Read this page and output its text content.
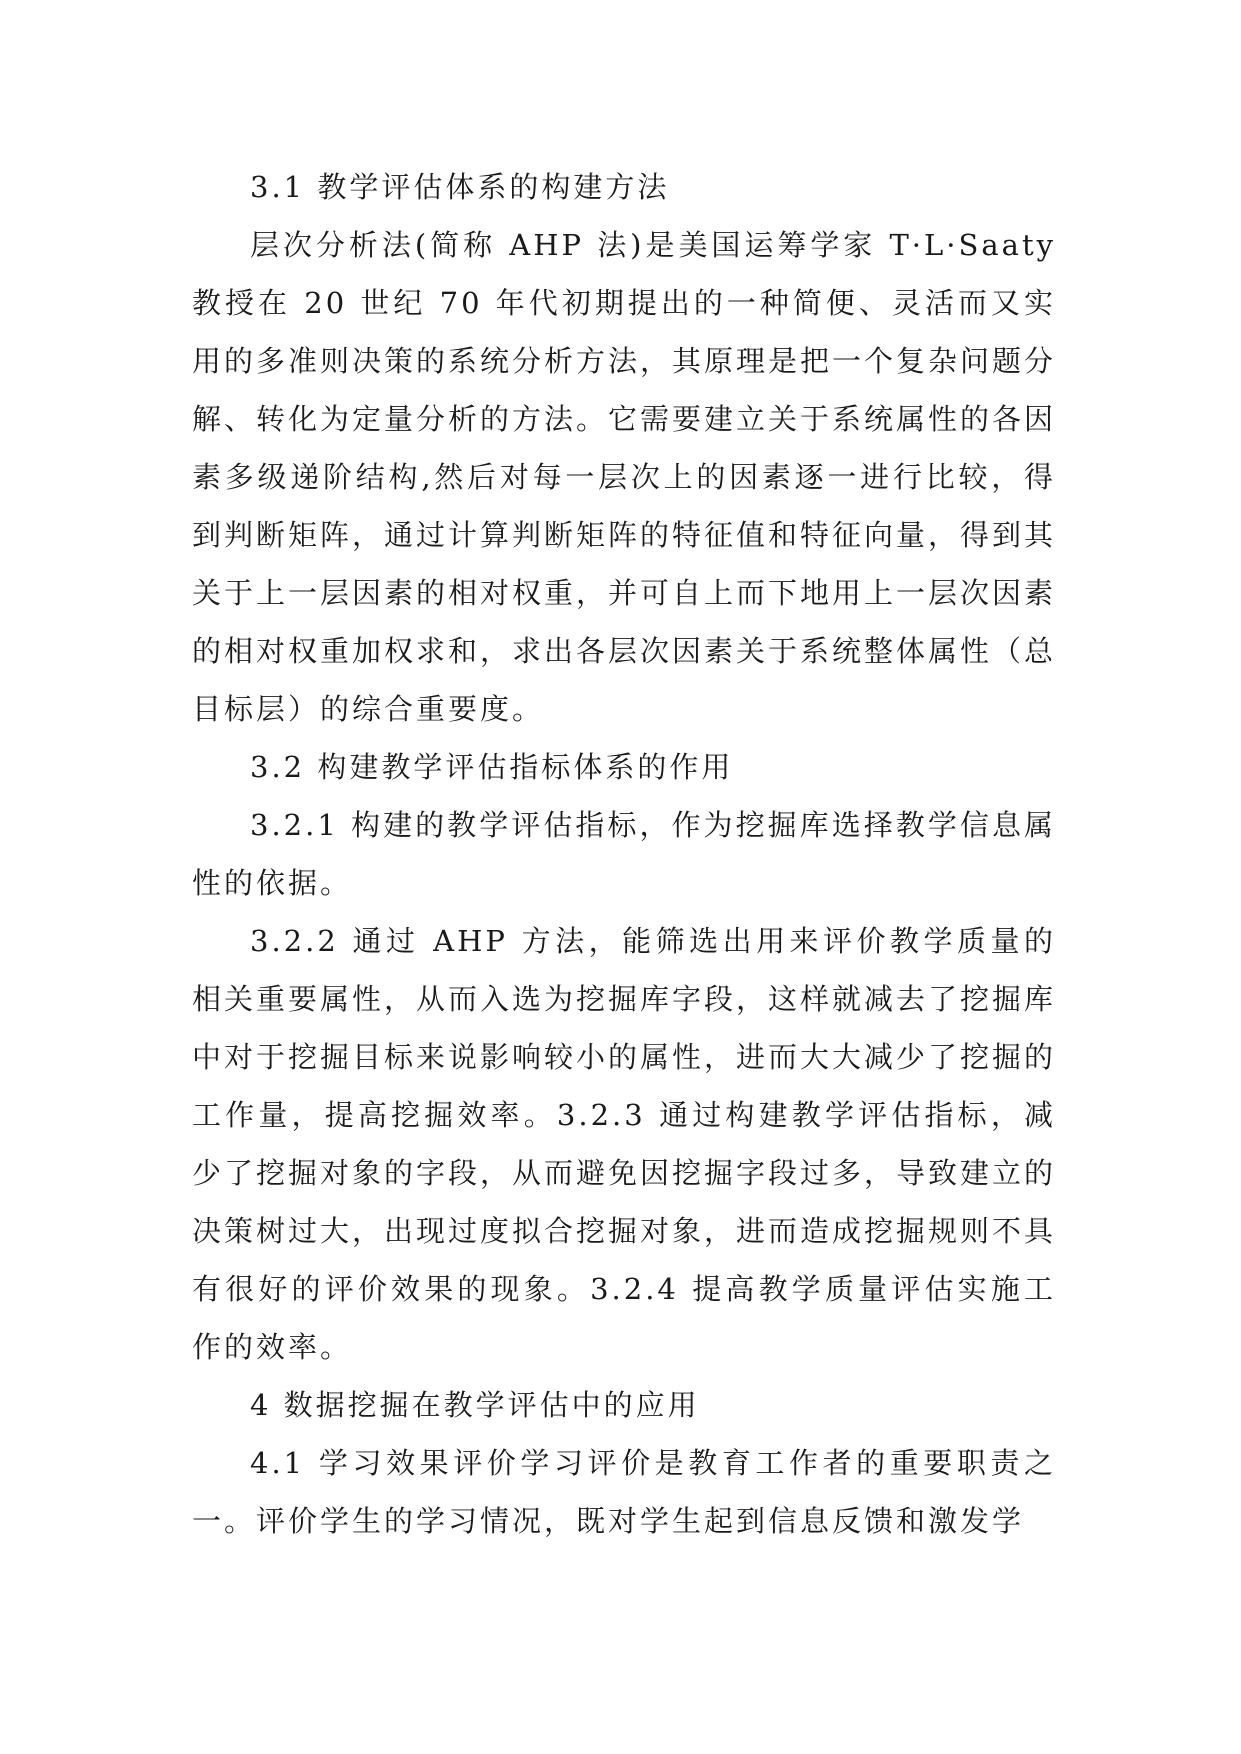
3.1 教学评估体系的构建方法

层次分析法(简称 AHP 法)是美国运筹学家 T·L·Saaty 教授在 20 世纪 70 年代初期提出的一种简便、灵活而又实用的多准则决策的系统分析方法，其原理是把一个复杂问题分解、转化为定量分析的方法。它需要建立关于系统属性的各因素多级递阶结构,然后对每一层次上的因素逐一进行比较，得到判断矩阵，通过计算判断矩阵的特征值和特征向量，得到其关于上一层因素的相对权重，并可自上而下地用上一层次因素的相对权重加权求和，求出各层次因素关于系统整体属性（总目标层）的综合重要度。

3.2 构建教学评估指标体系的作用

3.2.1 构建的教学评估指标，作为挖掘库选择教学信息属性的依据。

3.2.2 通过 AHP 方法，能筛选出用来评价教学质量的相关重要属性，从而入选为挖掘库字段，这样就减去了挖掘库中对于挖掘目标来说影响较小的属性，进而大大减少了挖掘的工作量，提高挖掘效率。3.2.3 通过构建教学评估指标，减少了挖掘对象的字段，从而避免因挖掘字段过多，导致建立的决策树过大，出现过度拟合挖掘对象，进而造成挖掘规则不具有很好的评价效果的现象。3.2.4 提高教学质量评估实施工作的效率。

4 数据挖掘在教学评估中的应用

4.1 学习效果评价学习评价是教育工作者的重要职责之一。评价学生的学习情况，既对学生起到信息反馈和激发学
